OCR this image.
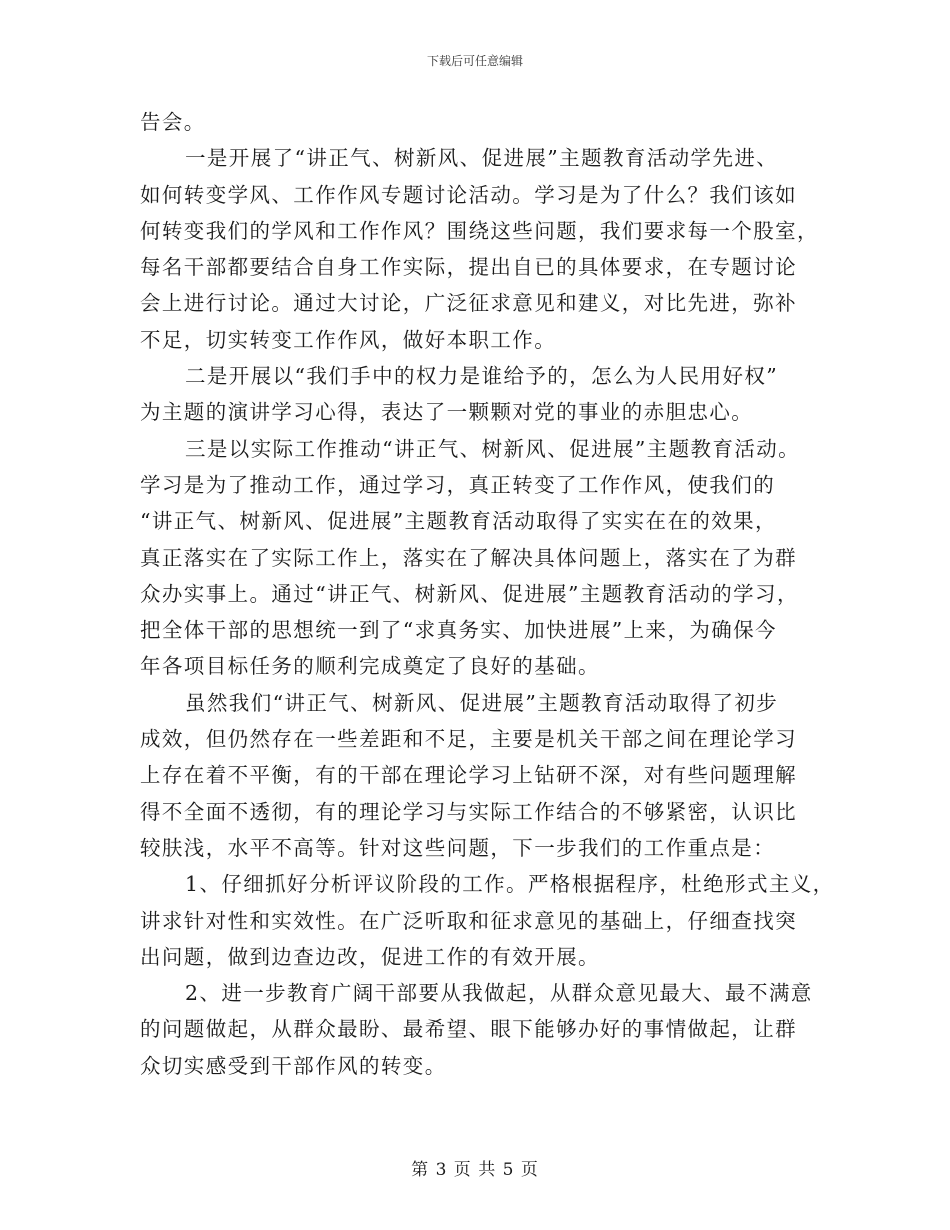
下载后可任意编辑
告会。
一是开展了“讲正气、树新风、促进展”主题教育活动学先进、
如何转变学风、工作作风专题讨论活动。学习是为了什么？我们该如
何转变我们的学风和工作作风？围绕这些问题，我们要求每一个股室，
每名干部都要结合自身工作实际，提出自已的具体要求，在专题讨论
会上进行讨论。通过大讨论，广泛征求意见和建义，对比先进，弥补
不足，切实转变工作作风，做好本职工作。
二是开展以“我们手中的权力是谁给予的，怎么为人民用好权”
为主题的演讲学习心得，表达了一颗颗对党的事业的赤胆忠心。
三是以实际工作推动“讲正气、树新风、促进展”主题教育活动。
学习是为了推动工作，通过学习，真正转变了工作作风，使我们的
“讲正气、树新风、促进展”主题教育活动取得了实实在在的效果，
真正落实在了实际工作上，落实在了解决具体问题上，落实在了为群
众办实事上。通过“讲正气、树新风、促进展”主题教育活动的学习，
把全体干部的思想统一到了“求真务实、加快进展”上来，为确保今
年各项目标任务的顺利完成奠定了良好的基础。
虽然我们“讲正气、树新风、促进展”主题教育活动取得了初步
成效，但仍然存在一些差距和不足，主要是机关干部之间在理论学习
上存在着不平衡，有的干部在理论学习上钻研不深，对有些问题理解
得不全面不透彻，有的理论学习与实际工作结合的不够紧密，认识比
较肤浅，水平不高等。针对这些问题，下一步我们的工作重点是：
1、仔细抓好分析评议阶段的工作。严格根据程序，杜绝形式主义，
讲求针对性和实效性。在广泛听取和征求意见的基础上，仔细查找突
出问题，做到边查边改，促进工作的有效开展。
2、进一步教育广阔干部要从我做起，从群众意见最大、最不满意
的问题做起，从群众最盼、最希望、眼下能够办好的事情做起，让群
众切实感受到干部作风的转变。
第 3 页 共 5 页
